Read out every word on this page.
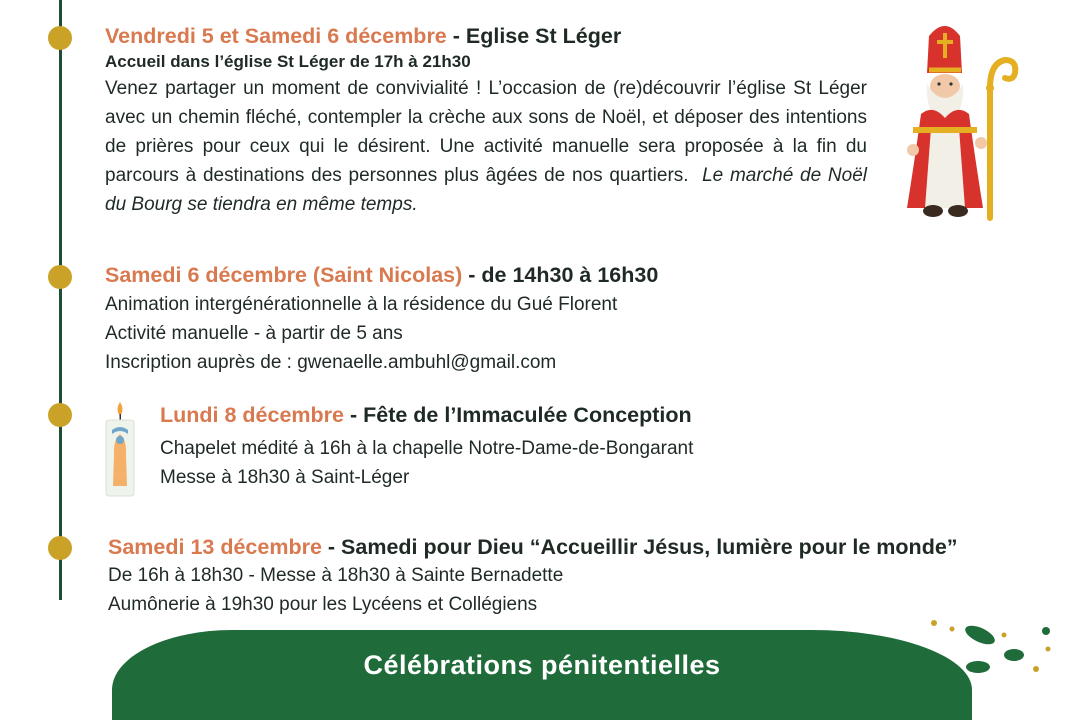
Vendredi 5 et Samedi 6 décembre - Eglise St Léger
Accueil dans l’église St Léger de 17h à 21h30
Venez partager un moment de convivialité ! L’occasion de (re)découvrir l’église St Léger avec un chemin fléché, contempler la crèche aux sons de Noël, et déposer des intentions de prières pour ceux qui le désirent. Une activité manuelle sera proposée à la fin du parcours à destinations des personnes plus âgées de nos quartiers. Le marché de Noël du Bourg se tiendra en même temps.
Samedi 6 décembre (Saint Nicolas) - de 14h30 à 16h30
Animation intergénérationnelle à la résidence du Gué Florent
Activité manuelle - à partir de 5 ans
Inscription auprès de : gwenaelle.ambuhl@gmail.com
Lundi 8 décembre - Fête de l’Immaculée Conception
Chapelet médité à 16h à la chapelle Notre-Dame-de-Bongarant
Messe à 18h30 à Saint-Léger
Samedi 13 décembre - Samedi pour Dieu “Accueillir Jésus, lumière pour le monde”
De 16h à 18h30 - Messe à 18h30 à Sainte Bernadette
Aumônerie à 19h30 pour les Lycéens et Collégiens
Célébrations pénitentielles
